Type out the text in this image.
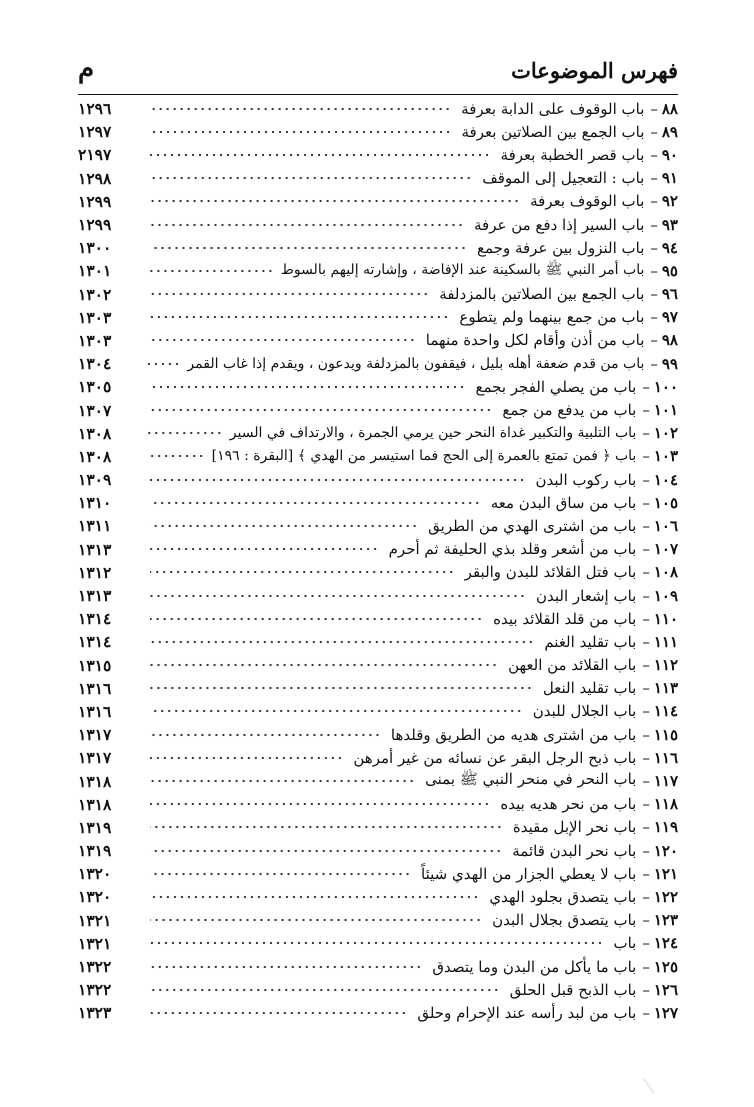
فهرس الموضوعات
م
٨٨
–
باب الوقوف على الدابة بعرفة
١٢٩٦
٨٩
–
باب الجمع بين الصلاتين بعرفة
١٢٩٧
٩٠
–
باب قصر الخطبة بعرفة
٢١٩٧
٩١
–
باب : التعجيل إلى الموقف
١٢٩٨
٩٢
–
باب الوقوف بعرفة
١٢٩٩
٩٣
–
باب السير إذا دفع من عرفة
١٢٩٩
٩٤
–
باب النزول بين عرفة وجمع
١٣٠٠
٩٥
–
باب أمر النبي ﷺ بالسكينة عند الإفاضة ، وإشارته إليهم بالسوط
١٣٠١
٩٦
–
باب الجمع بين الصلاتين بالمزدلفة
١٣٠٢
٩٧
–
باب من جمع بينهما ولم يتطوع
١٣٠٣
٩٨
–
باب من أذن وأقام لكل واحدة منهما
١٣٠٣
٩٩
–
باب من قدم ضعفة أهله بليل ، فيقفون بالمزدلفة ويدعون ، ويقدم إذا غاب القمر
١٣٠٤
١٠٠
–
باب من يصلي الفجر بجمع
١٣٠٥
١٠١
–
باب من يدفع من جمع
١٣٠٧
١٠٢
–
باب التلبية والتكبير غداة النحر حين يرمي الجمرة ، والارتداف في السير
١٣٠٨
١٠٣
–
باب ﴿ فمن تمتع بالعمرة إلى الحج فما استيسر من الهدي ﴾ [البقرة : ١٩٦]
١٣٠٨
١٠٤
–
باب ركوب البدن
١٣٠٩
١٠٥
–
باب من ساق البدن معه
١٣١٠
١٠٦
–
باب من اشترى الهدي من الطريق
١٣١١
١٠٧
–
باب من أشعر وقلد بذي الحليفة ثم أحرم
١٣١٣
١٠٨
–
باب فتل القلائد للبدن والبقر
١٣١٢
١٠٩
–
باب إشعار البدن
١٣١٣
١١٠
–
باب من قلد القلائد بيده
١٣١٤
١١١
–
باب تقليد الغنم
١٣١٤
١١٢
–
باب القلائد من العهن
١٣١٥
١١٣
–
باب تقليد النعل
١٣١٦
١١٤
–
باب الجلال للبدن
١٣١٦
١١٥
–
باب من اشترى هديه من الطريق وقلدها
١٣١٧
١١٦
–
باب ذبح الرجل البقر عن نسائه من غير أمرهن
١٣١٧
١١٧
–
باب النحر في منحر النبي ﷺ بمنى
١٣١٨
١١٨
–
باب من نحر هديه بيده
١٣١٨
١١٩
–
باب نحر الإبل مقيدة
١٣١٩
١٢٠
–
باب نحر البدن قائمة
١٣١٩
١٢١
–
باب لا يعطي الجزار من الهدي شيئاً
١٣٢٠
١٢٢
–
باب يتصدق بجلود الهدي
١٣٢٠
١٢٣
–
باب يتصدق بجلال البدن
١٣٢١
١٢٤
–
باب
١٣٢١
١٢٥
–
باب ما يأكل من البدن وما يتصدق
١٣٢٢
١٢٦
–
باب الذبح قبل الحلق
١٣٢٢
١٢٧
–
باب من لبد رأسه عند الإحرام وحلق
١٣٢٣
